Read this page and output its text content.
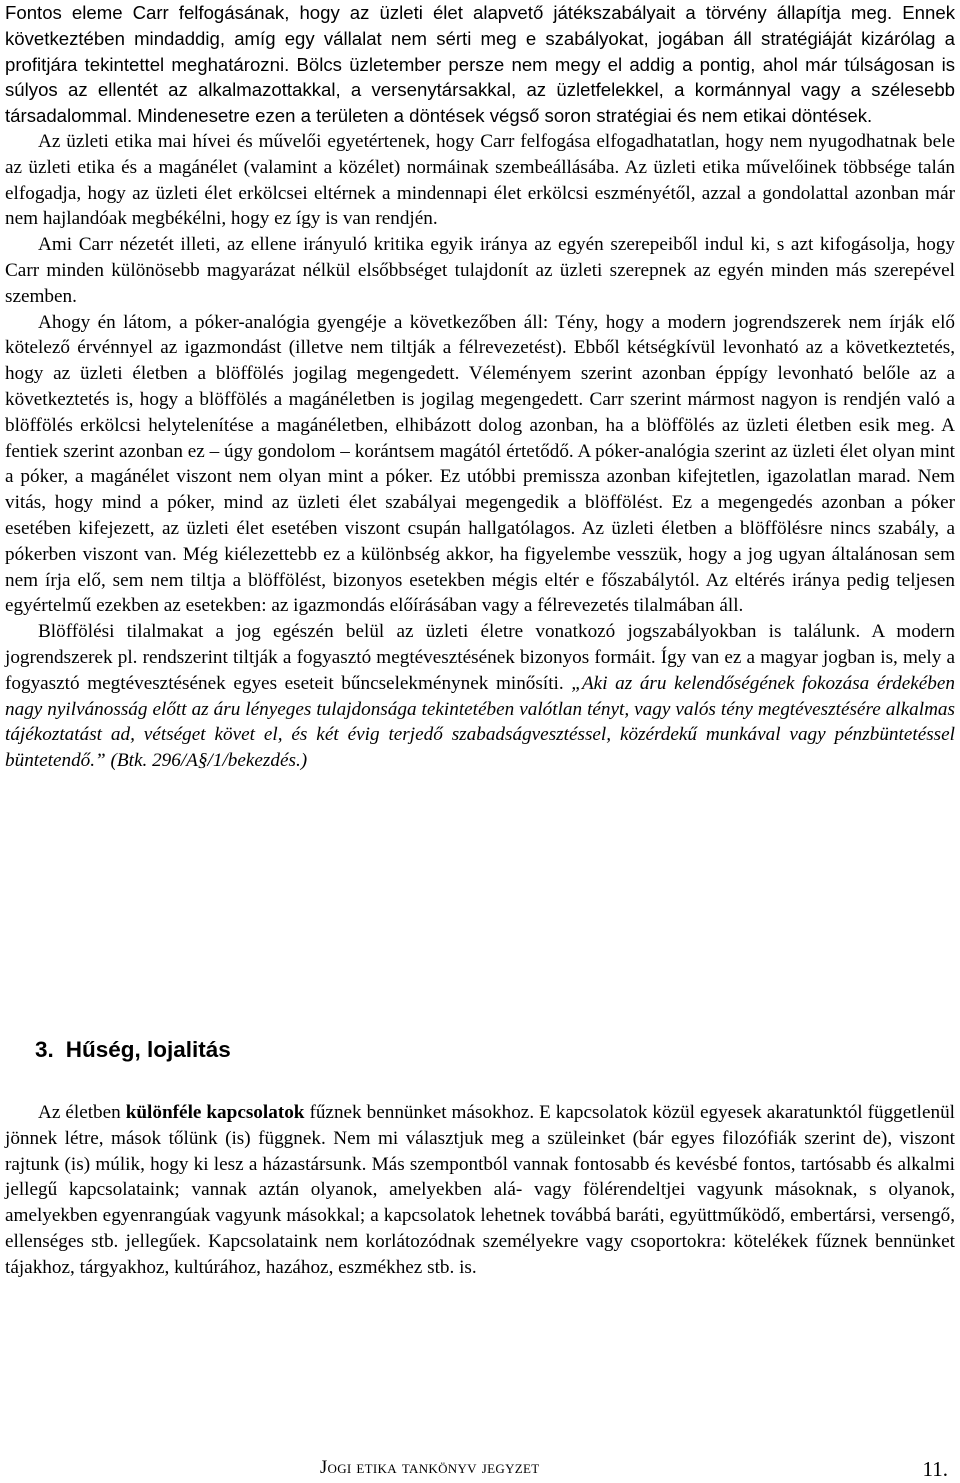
Fontos eleme Carr felfogásának, hogy az üzleti élet alapvető játékszabályait a törvény állapítja meg. Ennek következtében mindaddig, amíg egy vállalat nem sérti meg e szabályokat, jogában áll stratégiáját kizárólag a profitjára tekintettel meghatározni. Bölcs üzletember persze nem megy el addig a pontig, ahol már túlságosan is súlyos az ellentét az alkalmazottakkal, a versenytársakkal, az üzletfelekkel, a kormánnyal vagy a szélesebb társadalommal. Mindenesetre ezen a területen a döntések végső soron stratégiai és nem etikai döntések.

Az üzleti etika mai hívei és művelői egyetértenek, hogy Carr felfogása elfogadhatatlan, hogy nem nyugodhatnak bele az üzleti etika és a magánélet (valamint a közélet) normáinak szembeállásába. Az üzleti etika művelőinek többsége talán elfogadja, hogy az üzleti élet erkölcsei eltérnek a mindennapi élet erkölcsi eszményétől, azzal a gondolattal azonban már nem hajlandóak megbékélni, hogy ez így is van rendjén.

Ami Carr nézetét illeti, az ellene irányuló kritika egyik iránya az egyén szerepeiből indul ki, s azt kifogásolja, hogy Carr minden különösebb magyarázat nélkül elsőbbséget tulajdonít az üzleti szerepnek az egyén minden más szerepével szemben.

Ahogy én látom, a póker-analógia gyengéje a következőben áll: Tény, hogy a modern jogrendszerek nem írják elő kötelező érvénnyel az igazmondást (illetve nem tiltják a félrevezetést). Ebből kétségkívül levonható az a következtetés, hogy az üzleti életben a blöffölés jogilag megengedett. Véleményem szerint azonban éppígy levonható belőle az a következtetés is, hogy a blöffölés a magánéletben is jogilag megengedett. Carr szerint mármost nagyon is rendjén való a blöffölés erkölcsi helytelenítése a magánéletben, elhibázott dolog azonban, ha a blöffölés az üzleti életben esik meg. A fentiek szerint azonban ez – úgy gondolom – korántsem magától értetődő. A póker-analógia szerint az üzleti élet olyan mint a póker, a magánélet viszont nem olyan mint a póker. Ez utóbbi premissza azonban kifejtetlen, igazolatlan marad. Nem vitás, hogy mind a póker, mind az üzleti élet szabályai megengedik a blöffölést. Ez a megengedés azonban a póker esetében kifejezett, az üzleti élet esetében viszont csupán hallgatólagos. Az üzleti életben a blöffölésre nincs szabály, a pókerben viszont van. Még kiélezettebb ez a különbség akkor, ha figyelembe vesszük, hogy a jog ugyan általánosan sem nem írja elő, sem nem tiltja a blöffölést, bizonyos esetekben mégis eltér e főszabálytól. Az eltérés iránya pedig teljesen egyértelmű ezekben az esetekben: az igazmondás előírásában vagy a félrevezetés tilalmában áll.

Blöffölési tilalmakat a jog egészén belül az üzleti életre vonatkozó jogszabályokban is találunk. A modern jogrendszerek pl. rendszerint tiltják a fogyasztó megtévesztésének bizonyos formáit. Így van ez a magyar jogban is, mely a fogyasztó megtévesztésének egyes eseteit bűncselekménynek minősíti. „Aki az áru kelendőségének fokozása érdekében nagy nyilvánosság előtt az áru lényeges tulajdonsága tekintetében valótlan tényt, vagy valós tény megtévesztésére alkalmas tájékoztatást ad, vétséget követ el, és két évig terjedő szabadságvesztéssel, közérdekű munkával vagy pénzbüntetéssel büntetendő.” (Btk. 296/A§/1/bekezdés.)

3. Hűség, lojalitás

Az életben különféle kapcsolatok fűznek bennünket másokhoz. E kapcsolatok közül egyesek akaratunktól függetlenül jönnek létre, mások tőlünk (is) függnek. Nem mi választjuk meg a szüleinket (bár egyes filozófiák szerint de), viszont rajtunk (is) múlik, hogy ki lesz a házastársunk. Más szempontból vannak fontosabb és kevésbé fontos, tartósabb és alkalmi jellegű kapcsolataink; vannak aztán olyanok, amelyekben alá- vagy fölérendeltjei vagyunk másoknak, s olyanok, amelyekben egyenrangúak vagyunk másokkal; a kapcsolatok lehetnek továbbá baráti, együttműködő, embertársi, versengő, ellenséges stb. jellegűek. Kapcsolataink nem korlátozódnak személyekre vagy csoportokra: kötelékek fűznek bennünket tájakhoz, tárgyakhoz, kultúrához, hazához, eszmékhez stb. is.

Jogi etika tankönyv jegyzet	11.
